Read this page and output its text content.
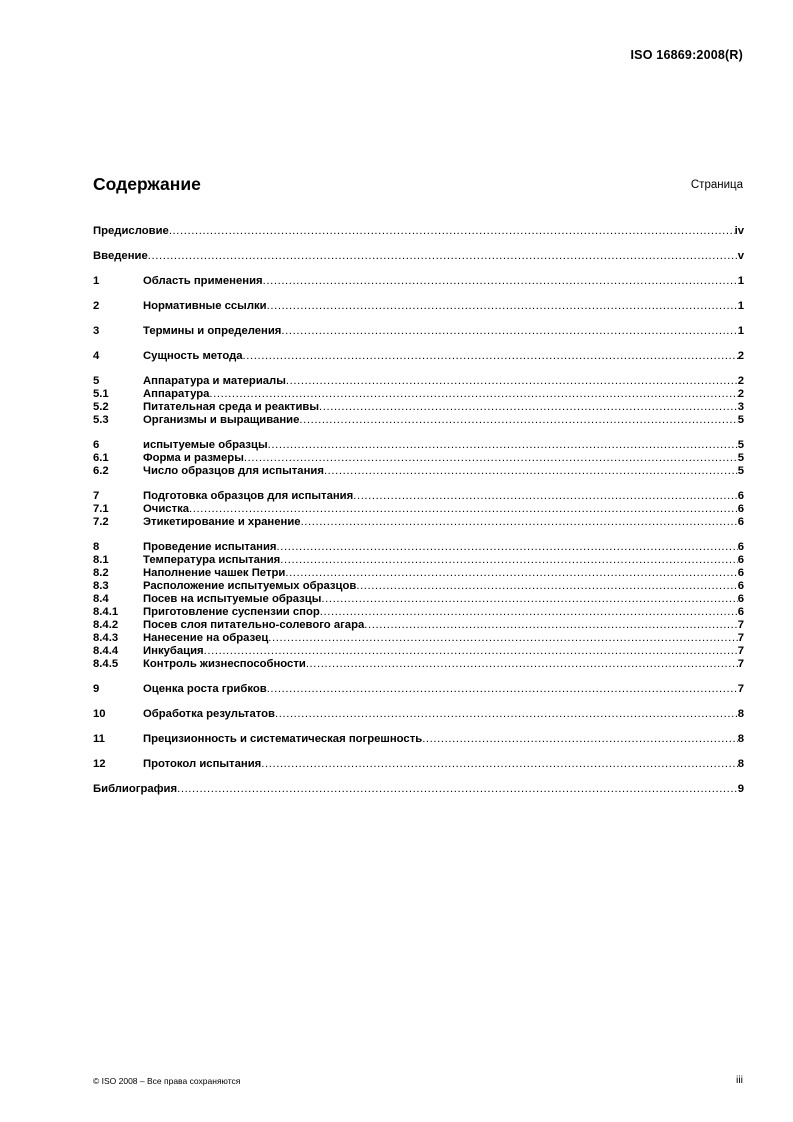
ISO 16869:2008(R)
Содержание	Страница
Предисловие .....	iv
Введение .....	v
1	Область применения .....	1
2	Нормативные ссылки .....	1
3	Термины и определения .....	1
4	Сущность метода .....	2
5	Аппаратура и материалы .....	2
5.1	Аппаратура .....	2
5.2	Питательная среда и реактивы .....	3
5.3	Организмы и выращивание .....	5
6	испытуемые образцы .....	5
6.1	Форма и размеры .....	5
6.2	Число образцов для испытания .....	5
7	Подготовка образцов для испытания .....	6
7.1	Очистка .....	6
7.2	Этикетирование и хранение .....	6
8	Проведение испытания .....	6
8.1	Температура испытания .....	6
8.2	Наполнение чашек Петри .....	6
8.3	Расположение испытуемых образцов .....	6
8.4	Посев на испытуемые образцы .....	6
8.4.1	Приготовление суспензии спор .....	6
8.4.2	Посев слоя питательно-солевого агара .....	7
8.4.3	Нанесение на образец .....	7
8.4.4	Инкубация .....	7
8.4.5	Контроль жизнеспособности .....	7
9	Оценка роста грибков .....	7
10	Обработка результатов .....	8
11	Прецизионность и систематическая погрешность .....	8
12	Протокол испытания .....	8
Библиография .....	9
© ISO 2008 – Все права сохраняются	iii
